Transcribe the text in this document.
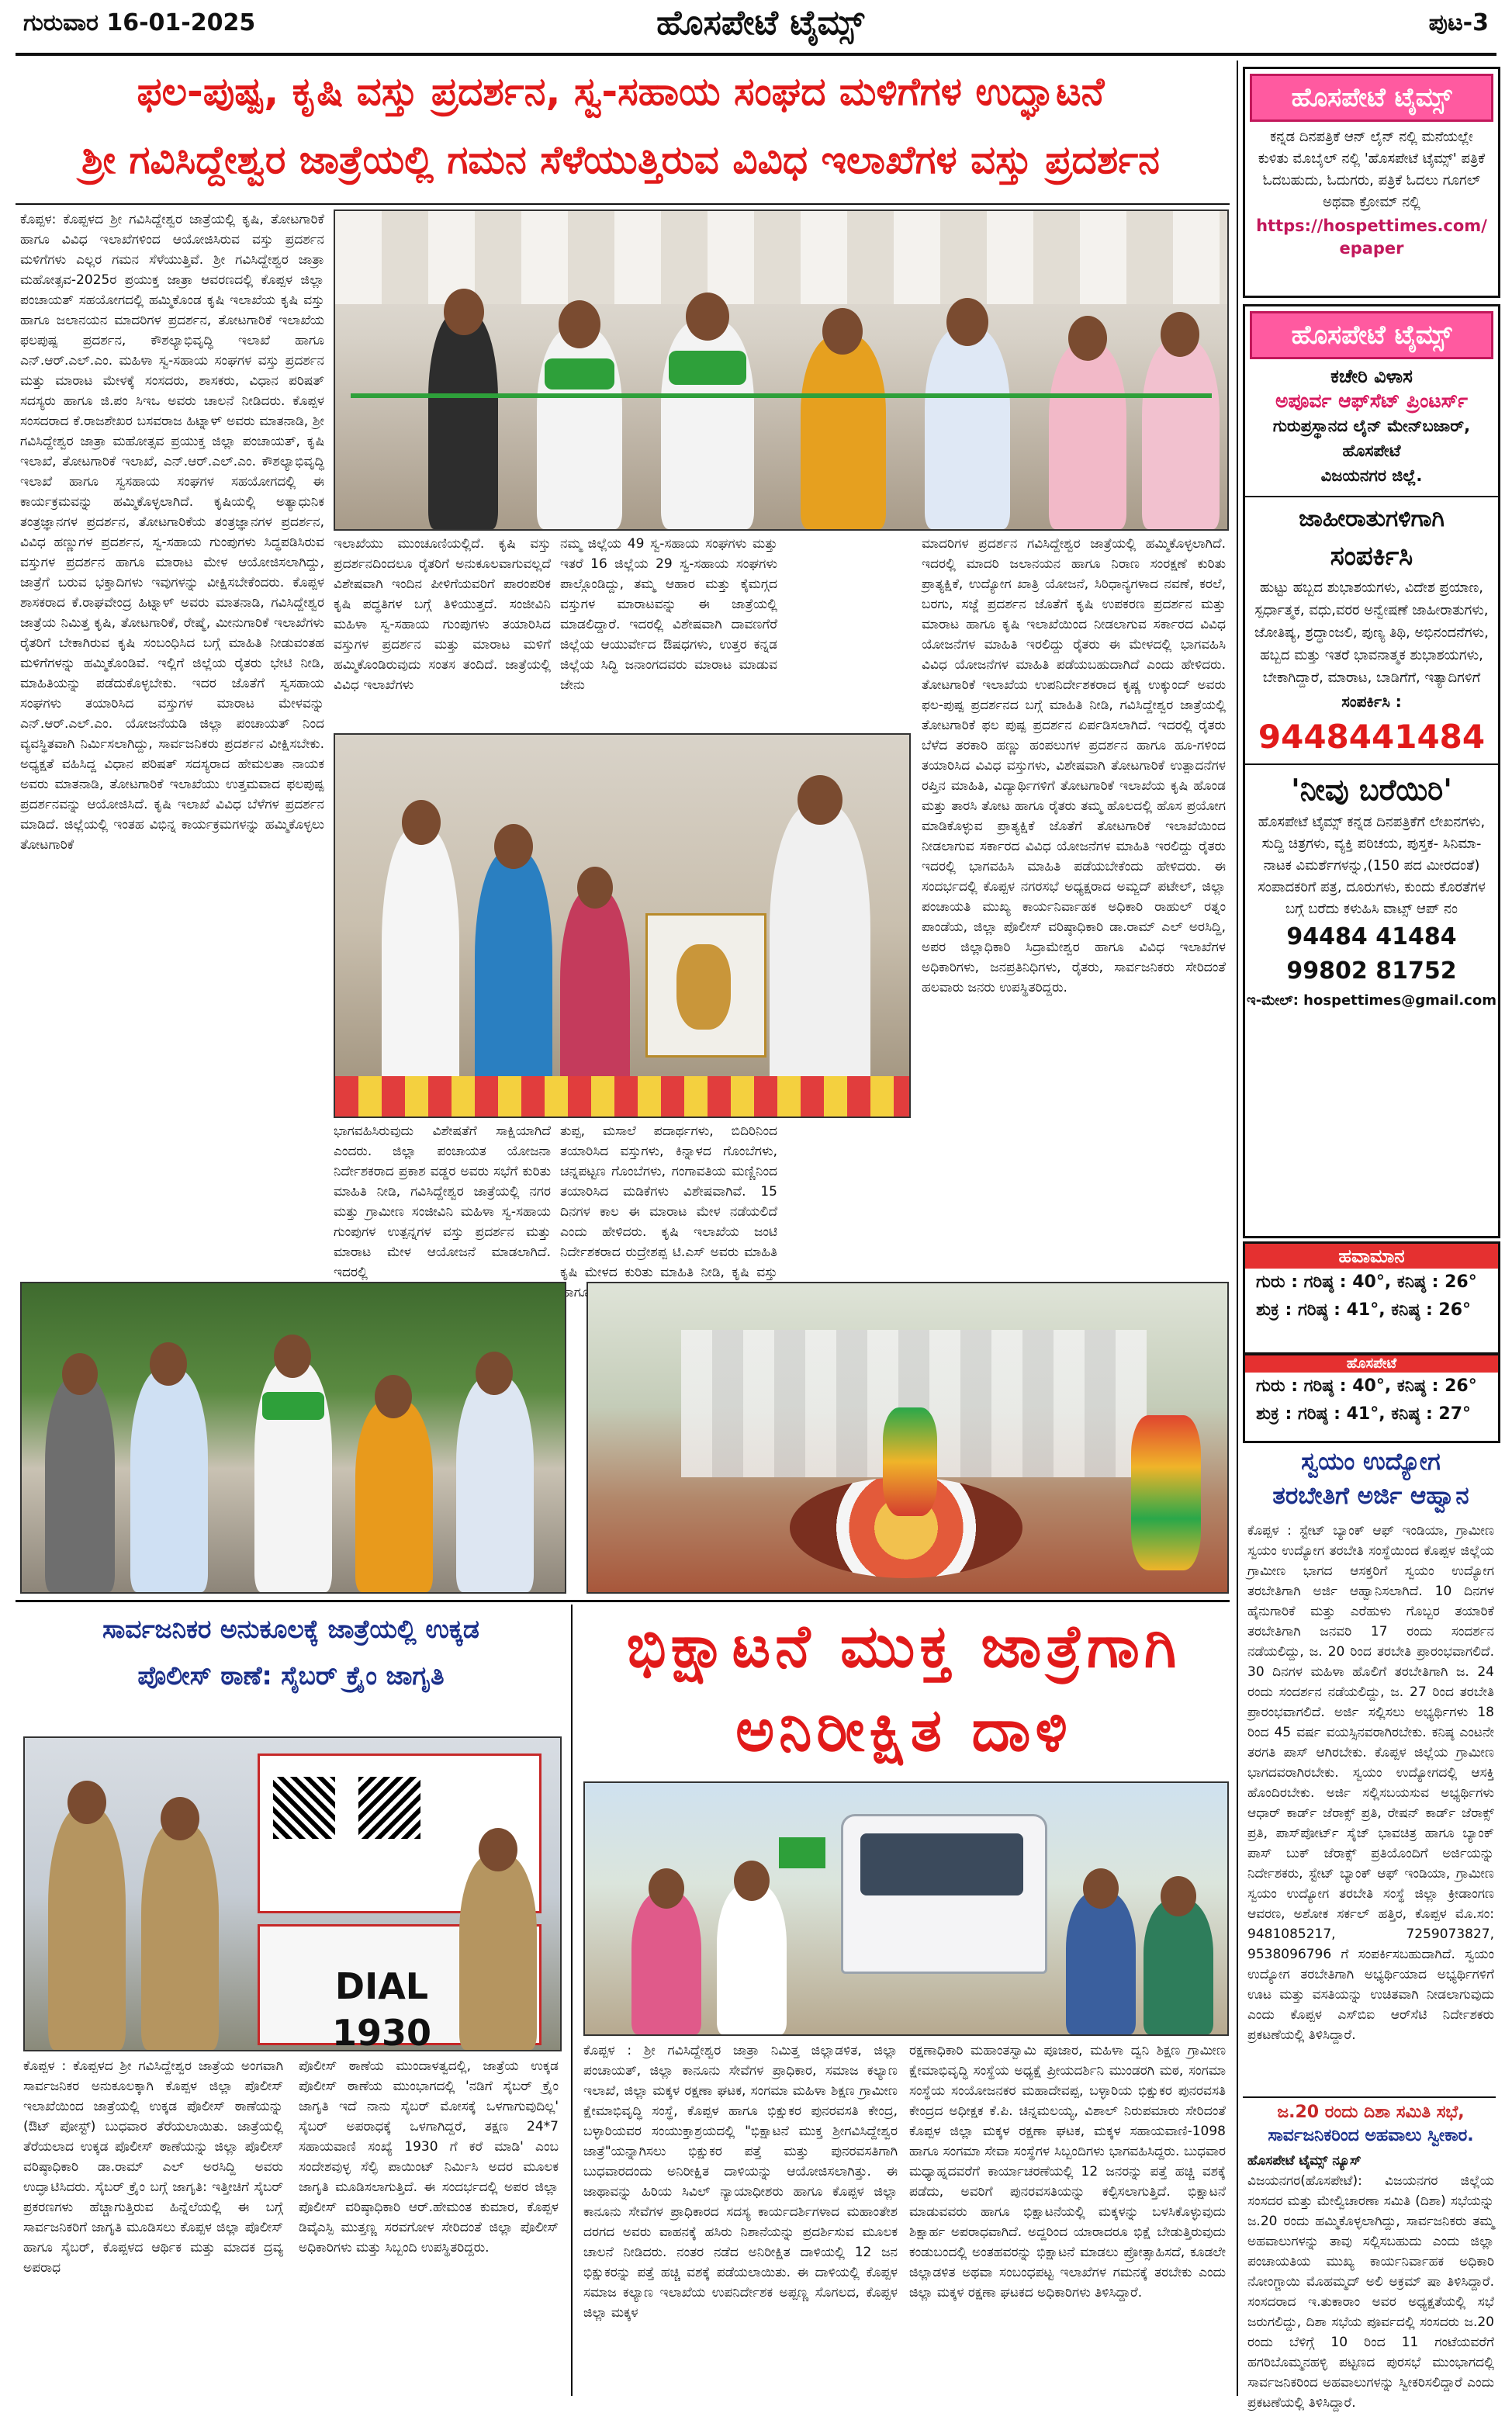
ಗುರುವಾರ 16-01-2025	ಹೊಸಪೇಟೆ ಟೈಮ್ಸ್	ಪುಟ-3
ಫಲ-ಪುಷ್ಪ, ಕೃಷಿ ವಸ್ತು ಪ್ರದರ್ಶನ, ಸ್ವ-ಸಹಾಯ ಸಂಘದ ಮಳಿಗೆಗಳ ಉದ್ಘಾಟನೆ
ಶ್ರೀ ಗವಿಸಿದ್ದೇಶ್ವರ ಜಾತ್ರೆಯಲ್ಲಿ ಗಮನ ಸೆಳೆಯುತ್ತಿರುವ ವಿವಿಧ ಇಲಾಖೆಗಳ ವಸ್ತು ಪ್ರದರ್ಶನ
ಕೊಪ್ಪಳ: ಕೊಪ್ಪಳದ ಶ್ರೀ ಗವಿಸಿದ್ದೇಶ್ವರ ಜಾತ್ರೆಯಲ್ಲಿ ಕೃಷಿ, ತೋಟಗಾರಿಕೆ ಹಾಗೂ ವಿವಿಧ ಇಲಾಖೆಗಳಿಂದ ಆಯೋಜಿಸಿರುವ ವಸ್ತು ಪ್ರದರ್ಶನ ಮಳಿಗೆಗಳು ಎಲ್ಲರ ಗಮನ ಸೆಳೆಯುತ್ತಿವೆ. ಶ್ರೀ ಗವಿಸಿದ್ದೇಶ್ವರ ಜಾತ್ರಾ ಮಹೋತ್ಸವ-2025ರ ಪ್ರಯುಕ್ತ ಜಾತ್ರಾ ಆವರಣದಲ್ಲಿ ಕೊಪ್ಪಳ ಜಿಲ್ಲಾ ಪಂಚಾಯತ್ ಸಹಯೋಗದಲ್ಲಿ ಹಮ್ಮಿಕೊಂಡ ಕೃಷಿ ಇಲಾಖೆಯ ಕೃಷಿ ವಸ್ತು ಹಾಗೂ ಜಲಾನಯನ ಮಾದರಿಗಳ ಪ್ರದರ್ಶನ, ತೋಟಗಾರಿಕೆ ಇಲಾಖೆಯ ಫಲಪುಷ್ಪ ಪ್ರದರ್ಶನ, ಕೌಶಲ್ಯಾಭಿವೃದ್ಧಿ ಇಲಾಖೆ ಹಾಗೂ ಎನ್.ಆರ್.ಎಲ್.ಎಂ. ಮಹಿಳಾ ಸ್ವ-ಸಹಾಯ ಸಂಘಗಳ ವಸ್ತು ಪ್ರದರ್ಶನ ಮತ್ತು ಮಾರಾಟ ಮೇಳಕ್ಕೆ ಸಂಸದರು, ಶಾಸಕರು, ವಿಧಾನ ಪರಿಷತ್ ಸದಸ್ಯರು ಹಾಗೂ ಜಿ.ಪಂ ಸಿಇಒ ಅವರು ಚಾಲನೆ ನೀಡಿದರು. ಕೊಪ್ಪಳ ಸಂಸದರಾದ ಕೆ.ರಾಜಶೇಖರ ಬಸವರಾಜ ಹಿಟ್ನಾಳ್ ಅವರು ಮಾತನಾಡಿ, ಶ್ರೀ ಗವಿಸಿದ್ದೇಶ್ವರ ಜಾತ್ರಾ ಮಹೋತ್ಸವ ಪ್ರಯುಕ್ತ ಜಿಲ್ಲಾ ಪಂಚಾಯತ್, ಕೃಷಿ ಇಲಾಖೆ, ತೋಟಗಾರಿಕೆ ಇಲಾಖೆ, ಎನ್.ಆರ್.ಎಲ್.ಎಂ. ಕೌಶಲ್ಯಾಭಿವೃದ್ಧಿ ಇಲಾಖೆ ಹಾಗೂ ಸ್ವಸಹಾಯ ಸಂಘಗಳ ಸಹಯೋಗದಲ್ಲಿ ಈ ಕಾರ್ಯಕ್ರಮವನ್ನು ಹಮ್ಮಿಕೊಳ್ಳಲಾಗಿದೆ. ಕೃಷಿಯಲ್ಲಿ ಅತ್ಯಾಧುನಿಕ ತಂತ್ರಜ್ಞಾನಗಳ ಪ್ರದರ್ಶನ, ತೋಟಗಾರಿಕೆಯ ತಂತ್ರಜ್ಞಾನಗಳ ಪ್ರದರ್ಶನ, ವಿವಿಧ ಹಣ್ಣುಗಳ ಪ್ರದರ್ಶನ, ಸ್ವ-ಸಹಾಯ ಗುಂಪುಗಳು ಸಿದ್ಧಪಡಿಸಿರುವ ವಸ್ತುಗಳ ಪ್ರದರ್ಶನ ಹಾಗೂ ಮಾರಾಟ ಮೇಳ ಆಯೋಜಿಸಲಾಗಿದ್ದು, ಜಾತ್ರೆಗೆ ಬರುವ ಭಕ್ತಾದಿಗಳು ಇವುಗಳನ್ನು ವೀಕ್ಷಿಸಬೇಕೆಂದರು. ಕೊಪ್ಪಳ ಶಾಸಕರಾದ ಕೆ.ರಾಘವೇಂದ್ರ ಹಿಟ್ನಾಳ್ ಅವರು ಮಾತನಾಡಿ, ಗವಿಸಿದ್ದೇಶ್ವರ ಜಾತ್ರೆಯ ನಿಮಿತ್ತ ಕೃಷಿ, ತೋಟಗಾರಿಕೆ, ರೇಷ್ಮೆ, ಮೀನುಗಾರಿಕೆ ಇಲಾಖೆಗಳು ರೈತರಿಗೆ ಬೇಕಾಗಿರುವ ಕೃಷಿ ಸಂಬಂಧಿಸಿದ ಬಗ್ಗೆ ಮಾಹಿತಿ ನೀಡುವಂತಹ ಮಳಿಗೆಗಳನ್ನು ಹಮ್ಮಿಕೊಂಡಿವೆ. ಇಲ್ಲಿಗೆ ಜಿಲ್ಲೆಯ ರೈತರು ಭೇಟಿ ನೀಡಿ, ಮಾಹಿತಿಯನ್ನು ಪಡೆದುಕೊಳ್ಳಬೇಕು. ಇದರ ಜೊತೆಗೆ ಸ್ವಸಹಾಯ ಸಂಘಗಳು ತಯಾರಿಸಿದ ವಸ್ತುಗಳ ಮಾರಾಟ ಮೇಳವನ್ನು ಎನ್.ಆರ್.ಎಲ್.ಎಂ. ಯೋಜನೆಯಡಿ ಜಿಲ್ಲಾ ಪಂಚಾಯತ್ ನಿಂದ ವ್ಯವಸ್ಥಿತವಾಗಿ ನಿರ್ಮಿಸಲಾಗಿದ್ದು, ಸಾರ್ವಜನಿಕರು ಪ್ರದರ್ಶನ ವೀಕ್ಷಿಸಬೇಕು. ಅಧ್ಯಕ್ಷತೆ ವಹಿಸಿದ್ದ ವಿಧಾನ ಪರಿಷತ್ ಸದಸ್ಯರಾದ ಹೇಮಲತಾ ನಾಯಕ ಅವರು ಮಾತನಾಡಿ, ತೋಟಗಾರಿಕೆ ಇಲಾಖೆಯು ಉತ್ತಮವಾದ ಫಲಪುಷ್ಪ ಪ್ರದರ್ಶನವನ್ನು ಆಯೋಜಿಸಿದೆ. ಕೃಷಿ ಇಲಾಖೆ ವಿವಿಧ ಬೆಳೆಗಳ ಪ್ರದರ್ಶನ ಮಾಡಿದೆ. ಜಿಲ್ಲೆಯಲ್ಲಿ ಇಂತಹ ವಿಭಿನ್ನ ಕಾರ್ಯಕ್ರಮಗಳನ್ನು ಹಮ್ಮಿಕೊಳ್ಳಲು ತೋಟಗಾರಿಕೆ
ಇಲಾಖೆಯು ಮುಂಚೂಣಿಯಲ್ಲಿದೆ. ಕೃಷಿ ವಸ್ತು ಪ್ರದರ್ಶನದಿಂದಲೂ ರೈತರಿಗೆ ಅನುಕೂಲವಾಗುವಲ್ಲದೆ ವಿಶೇಷವಾಗಿ ಇಂದಿನ ಪೀಳಿಗೆಯವರಿಗೆ ಪಾರಂಪರಿಕ ಕೃಷಿ ಪದ್ಧತಿಗಳ ಬಗ್ಗೆ ತಿಳಿಯುತ್ತದೆ. ಸಂಜೀವಿನಿ ಮಹಿಳಾ ಸ್ವ-ಸಹಾಯ ಗುಂಪುಗಳು ತಯಾರಿಸಿದ ವಸ್ತುಗಳ ಪ್ರದರ್ಶನ ಮತ್ತು ಮಾರಾಟ ಮಳಿಗೆ ಹಮ್ಮಿಕೊಂಡಿರುವುದು ಸಂತಸ ತಂದಿದೆ. ಜಾತ್ರೆಯಲ್ಲಿ ವಿವಿಧ ಇಲಾಖೆಗಳು
ನಮ್ಮ ಜಿಲ್ಲೆಯ 49 ಸ್ವ-ಸಹಾಯ ಸಂಘಗಳು ಮತ್ತು ಇತರೆ 16 ಜಿಲ್ಲೆಯ 29 ಸ್ವ-ಸಹಾಯ ಸಂಘಗಳು ಪಾಲ್ಗೊಂಡಿದ್ದು, ತಮ್ಮ ಆಹಾರ ಮತ್ತು ಕೈಮಗ್ಗದ ವಸ್ತುಗಳ ಮಾರಾಟವನ್ನು ಈ ಜಾತ್ರೆಯಲ್ಲಿ ಮಾಡಲಿದ್ದಾರೆ. ಇದರಲ್ಲಿ ವಿಶೇಷವಾಗಿ ದಾವಣಗೆರೆ ಜಿಲ್ಲೆಯ ಆಯುರ್ವೇದ ಔಷಧಗಳು, ಉತ್ತರ ಕನ್ನಡ ಜಿಲ್ಲೆಯ ಸಿದ್ಧಿ ಜನಾಂಗದವರು ಮಾರಾಟ ಮಾಡುವ ಜೇನು
ಭಾಗವಹಿಸಿರುವುದು ವಿಶೇಷತೆಗೆ ಸಾಕ್ಷಿಯಾಗಿದೆ ಎಂದರು. ಜಿಲ್ಲಾ ಪಂಚಾಯತ ಯೋಜನಾ ನಿರ್ದೇಶಕರಾದ ಪ್ರಕಾಶ ವಡ್ಡರ ಅವರು ಸಭೆಗೆ ಕುರಿತು ಮಾಹಿತಿ ನೀಡಿ, ಗವಿಸಿದ್ದೇಶ್ವರ ಜಾತ್ರೆಯಲ್ಲಿ ನಗರ ಮತ್ತು ಗ್ರಾಮೀಣ ಸಂಜೀವಿನಿ ಮಹಿಳಾ ಸ್ವ-ಸಹಾಯ ಗುಂಪುಗಳ ಉತ್ಪನ್ನಗಳ ವಸ್ತು ಪ್ರದರ್ಶನ ಮತ್ತು ಮಾರಾಟ ಮೇಳ ಆಯೋಜನೆ ಮಾಡಲಾಗಿದೆ. ಇದರಲ್ಲಿ
ತುಪ್ಪ, ಮಸಾಲೆ ಪದಾರ್ಥಗಳು, ಬಿದಿರಿನಿಂದ ತಯಾರಿಸಿದ ವಸ್ತುಗಳು, ಕಿನ್ನಾಳದ ಗೊಂಬೆಗಳು, ಚನ್ನಪಟ್ಟಣ ಗೊಂಬೆಗಳು, ಗಂಗಾವತಿಯ ಮಣ್ಣಿನಿಂದ ತಯಾರಿಸಿದ ಮಡಿಕೆಗಳು ವಿಶೇಷವಾಗಿವೆ. 15 ದಿನಗಳ ಕಾಲ ಈ ಮಾರಾಟ ಮೇಳ ನಡೆಯಲಿದೆ ಎಂದು ಹೇಳಿದರು. ಕೃಷಿ ಇಲಾಖೆಯ ಜಂಟಿ ನಿರ್ದೇಶಕರಾದ ರುದ್ರೇಶಪ್ಪ ಟಿ.ಎಸ್ ಅವರು ಮಾಹಿತಿ ಕೃಷಿ ಮೇಳದ ಕುರಿತು ಮಾಹಿತಿ ನೀಡಿ, ಕೃಷಿ ವಸ್ತು ಹಾಗೂ
ಮಾದರಿಗಳ ಪ್ರದರ್ಶನ ಗವಿಸಿದ್ದೇಶ್ವರ ಜಾತ್ರೆಯಲ್ಲಿ ಹಮ್ಮಿಕೊಳ್ಳಲಾಗಿದೆ. ಇದರಲ್ಲಿ ಮಾದರಿ ಜಲಾನಯನ ಹಾಗೂ ನಿರಾಣ ಸಂರಕ್ಷಣೆ ಕುರಿತು ಪ್ರಾತ್ಯಕ್ಷಿಕೆ, ಉದ್ಯೋಗ ಖಾತ್ರಿ ಯೋಜನೆ, ಸಿರಿಧಾನ್ಯಗಳಾದ ನವಣೆ, ಕರಲೆ, ಬರಗು, ಸಜ್ಜೆ ಪ್ರದರ್ಶನ ಜೊತೆಗೆ ಕೃಷಿ ಉಪಕರಣ ಪ್ರದರ್ಶನ ಮತ್ತು ಮಾರಾಟ ಹಾಗೂ ಕೃಷಿ ಇಲಾಖೆಯಿಂದ ನೀಡಲಾಗುವ ಸರ್ಕಾರದ ವಿವಿಧ ಯೋಜನೆಗಳ ಮಾಹಿತಿ ಇರಲಿದ್ದು ರೈತರು ಈ ಮೇಳದಲ್ಲಿ ಭಾಗವಹಿಸಿ ವಿವಿಧ ಯೋಜನೆಗಳ ಮಾಹಿತಿ ಪಡೆಯಬಹುದಾಗಿದೆ ಎಂದು ಹೇಳಿದರು. ತೋಟಗಾರಿಕೆ ಇಲಾಖೆಯ ಉಪನಿರ್ದೇಶಕರಾದ ಕೃಷ್ಣ ಉಕ್ಕುಂದ್ ಅವರು ಫಲ-ಪುಷ್ಪ ಪ್ರದರ್ಶನದ ಬಗ್ಗೆ ಮಾಹಿತಿ ನೀಡಿ, ಗವಿಸಿದ್ದೇಶ್ವರ ಜಾತ್ರೆಯಲ್ಲಿ ತೋಟಗಾರಿಕೆ ಫಲ ಪುಷ್ಪ ಪ್ರದರ್ಶನ ಏರ್ಪಡಿಸಲಾಗಿದೆ. ಇದರಲ್ಲಿ ರೈತರು ಬೆಳೆದ ತರಕಾರಿ ಹಣ್ಣು ಹಂಪಲುಗಳ ಪ್ರದರ್ಶನ ಹಾಗೂ ಹೂ-ಗಳಿಂದ ತಯಾರಿಸಿದ ವಿವಿಧ ವಸ್ತುಗಳು, ವಿಶೇಷವಾಗಿ ತೋಟಗಾರಿಕೆ ಉತ್ಪಾದನೆಗಳ ರಪ್ತಿನ ಮಾಹಿತಿ, ವಿದ್ಯಾರ್ಥಿಗಳಿಗೆ ತೋಟಗಾರಿಕೆ ಇಲಾಖೆಯ ಕೃಷಿ ಹೊಂಡ ಮತ್ತು ತಾರಸಿ ತೋಟ ಹಾಗೂ ರೈತರು ತಮ್ಮ ಹೊಲದಲ್ಲಿ ಹೊಸ ಪ್ರಯೋಗ ಮಾಡಿಕೊಳ್ಳುವ ಪ್ರಾತ್ಯಕ್ಷಿಕೆ ಜೊತೆಗೆ ತೋಟಗಾರಿಕೆ ಇಲಾಖೆಯಿಂದ ನೀಡಲಾಗುವ ಸರ್ಕಾರದ ವಿವಿಧ ಯೋಜನೆಗಳ ಮಾಹಿತಿ ಇರಲಿದ್ದು ರೈತರು ಇದರಲ್ಲಿ ಭಾಗವಹಿಸಿ ಮಾಹಿತಿ ಪಡೆಯಬೇಕೆಂದು ಹೇಳಿದರು. ಈ ಸಂದರ್ಭದಲ್ಲಿ ಕೊಪ್ಪಳ ನಗರಸಭೆ ಅಧ್ಯಕ್ಷರಾದ ಅಮ್ಜದ್ ಪಟೇಲ್, ಜಿಲ್ಲಾ ಪಂಚಾಯತಿ ಮುಖ್ಯ ಕಾರ್ಯನಿರ್ವಾಹಕ ಅಧಿಕಾರಿ ರಾಹುಲ್ ರತ್ನಂ ಪಾಂಡೆಯ, ಜಿಲ್ಲಾ ಪೊಲೀಸ್ ವರಿಷ್ಠಾಧಿಕಾರಿ ಡಾ.ರಾಮ್ ಎಲ್ ಅರಸಿದ್ದಿ, ಅಪರ ಜಿಲ್ಲಾಧಿಕಾರಿ ಸಿದ್ರಾಮೇಶ್ವರ ಹಾಗೂ ವಿವಿಧ ಇಲಾಖೆಗಳ ಅಧಿಕಾರಿಗಳು, ಜನಪ್ರತಿನಿಧಿಗಳು, ರೈತರು, ಸಾರ್ವಜನಿಕರು ಸೇರಿದಂತೆ ಹಲವಾರು ಜನರು ಉಪಸ್ಥಿತರಿದ್ದರು.
ಸಾರ್ವಜನಿಕರ ಅನುಕೂಲಕ್ಕೆ ಜಾತ್ರೆಯಲ್ಲಿ ಉಕ್ಕಡ
ಪೊಲೀಸ್ ಠಾಣೆ: ಸೈಬರ್ ಕ್ರೈಂ ಜಾಗೃತಿ
DIAL 1930
ಕೊಪ್ಪಳ : ಕೊಪ್ಪಳದ ಶ್ರೀ ಗವಿಸಿದ್ದೇಶ್ವರ ಜಾತ್ರೆಯ ಅಂಗವಾಗಿ ಸಾರ್ವಜನಿಕರ ಅನುಕೂಲಕ್ಕಾಗಿ ಕೊಪ್ಪಳ ಜಿಲ್ಲಾ ಪೊಲೀಸ್ ಇಲಾಖೆಯಿಂದ ಜಾತ್ರೆಯಲ್ಲಿ ಉಕ್ಕಡ ಪೊಲೀಸ್ ಠಾಣೆಯನ್ನು (ಔಟ್ ಪೋಸ್ಟ್) ಬುಧವಾರ ತೆರೆಯಲಾಯಿತು. ಜಾತ್ರೆಯಲ್ಲಿ ತೆರೆಯಲಾದ ಉಕ್ಕಡ ಪೊಲೀಸ್ ಠಾಣೆಯನ್ನು ಜಿಲ್ಲಾ ಪೊಲೀಸ್ ವರಿಷ್ಠಾಧಿಕಾರಿ ಡಾ.ರಾಮ್ ಎಲ್ ಅರಸಿದ್ದಿ ಅವರು ಉದ್ಘಾಟಿಸಿದರು. ಸೈಬರ್ ಕ್ರೈಂ ಬಗ್ಗೆ ಜಾಗೃತಿ: ಇತ್ತೀಚಿಗೆ ಸೈಬರ್ ಪ್ರಕರಣಗಳು ಹೆಚ್ಚಾಗುತ್ತಿರುವ ಹಿನ್ನೆಲೆಯಲ್ಲಿ ಈ ಬಗ್ಗೆ ಸಾರ್ವಜನಿಕರಿಗೆ ಜಾಗೃತಿ ಮೂಡಿಸಲು ಕೊಪ್ಪಳ ಜಿಲ್ಲಾ ಪೊಲೀಸ್ ಹಾಗೂ ಸೈಬರ್, ಕೊಪ್ಪಳದ ಆರ್ಥಿಕ ಮತ್ತು ಮಾದಕ ದ್ರವ್ಯ ಅಪರಾಧ
ಪೊಲೀಸ್ ಠಾಣೆಯ ಮುಂದಾಳತ್ವದಲ್ಲಿ, ಜಾತ್ರೆಯ ಉಕ್ಕಡ ಪೊಲೀಸ್ ಠಾಣೆಯ ಮುಂಭಾಗದಲ್ಲಿ 'ನಡಿಗೆ ಸೈಬರ್ ಕ್ರೈಂ ಜಾಗೃತಿ ಇದೆ ನಾನು ಸೈಬರ್ ಮೋಸಕ್ಕೆ ಒಳಗಾಗುವುದಿಲ್ಲ' ಸೈಬರ್ ಅಪರಾಧಕ್ಕೆ ಒಳಗಾಗಿದ್ದರೆ, ತಕ್ಷಣ 24*7 ಸಹಾಯವಾಣಿ ಸಂಖ್ಯೆ 1930 ಗೆ ಕರೆ ಮಾಡಿ' ಎಂಬ ಸಂದೇಶವುಳ್ಳ ಸೆಲ್ಫಿ ಪಾಯಿಂಟ್ ನಿರ್ಮಿಸಿ ಅದರ ಮೂಲಕ ಜಾಗೃತಿ ಮೂಡಿಸಲಾಗುತ್ತಿದೆ. ಈ ಸಂದರ್ಭದಲ್ಲಿ ಅಪರ ಜಿಲ್ಲಾ ಪೊಲೀಸ್ ವರಿಷ್ಠಾಧಿಕಾರಿ ಆರ್.ಹೇಮಂತ ಕುಮಾರ, ಕೊಪ್ಪಳ ಡಿವೈಎಸ್ಪಿ ಮುತ್ತಣ್ಣ ಸರವಗೋಳ ಸೇರಿದಂತೆ ಜಿಲ್ಲಾ ಪೊಲೀಸ್ ಅಧಿಕಾರಿಗಳು ಮತ್ತು ಸಿಬ್ಬಂದಿ ಉಪಸ್ಥಿತರಿದ್ದರು.
ಭಿಕ್ಷಾಟನೆ ಮುಕ್ತ ಜಾತ್ರೆಗಾಗಿ
ಅನಿರೀಕ್ಷಿತ ದಾಳಿ
ಕೊಪ್ಪಳ : ಶ್ರೀ ಗವಿಸಿದ್ದೇಶ್ವರ ಜಾತ್ರಾ ನಿಮಿತ್ತ ಜಿಲ್ಲಾಡಳಿತ, ಜಿಲ್ಲಾ ಪಂಚಾಯತ್, ಜಿಲ್ಲಾ ಕಾನೂನು ಸೇವೆಗಳ ಪ್ರಾಧಿಕಾರ, ಸಮಾಜ ಕಲ್ಯಾಣ ಇಲಾಖೆ, ಜಿಲ್ಲಾ ಮಕ್ಕಳ ರಕ್ಷಣಾ ಘಟಕ, ಸಂಗಮಾ ಮಹಿಳಾ ಶಿಕ್ಷಣ ಗ್ರಾಮೀಣ ಕ್ಷೇಮಾಭಿವೃದ್ಧಿ ಸಂಸ್ಥೆ, ಕೊಪ್ಪಳ ಹಾಗೂ ಭಿಕ್ಷುಕರ ಪುನರವಸತಿ ಕೇಂದ್ರ, ಬಳ್ಳಾರಿಯವರ ಸಂಯುಕ್ತಾಶ್ರಯದಲ್ಲಿ "ಭಿಕ್ಷಾಟನೆ ಮುಕ್ತ ಶ್ರೀಗವಿಸಿದ್ದೇಶ್ವರ ಜಾತ್ರೆ"ಯನ್ನಾಗಿಸಲು ಭಿಕ್ಷುಕರ ಪತ್ತೆ ಮತ್ತು ಪುನರವಸತಿಗಾಗಿ ಬುಧವಾರದಂದು ಅನಿರೀಕ್ಷಿತ ದಾಳಿಯನ್ನು ಆಯೋಜಿಸಲಾಗಿತ್ತು. ಈ ಜಾಥಾವನ್ನು ಹಿರಿಯ ಸಿವಿಲ್ ನ್ಯಾಯಾಧೀಶರು ಹಾಗೂ ಕೊಪ್ಪಳ ಜಿಲ್ಲಾ ಕಾನೂನು ಸೇವೆಗಳ ಪ್ರಾಧಿಕಾರದ ಸದಸ್ಯ ಕಾರ್ಯದರ್ಶಿಗಳಾದ ಮಹಾಂತೇಶ ದರಗದ ಅವರು ವಾಹನಕ್ಕೆ ಹಸಿರು ನಿಶಾನೆಯನ್ನು ಪ್ರದರ್ಶಿಸುವ ಮೂಲಕ ಚಾಲನೆ ನೀಡಿದರು. ನಂತರ ನಡೆದ ಅನಿರೀಕ್ಷಿತ ದಾಳಿಯಲ್ಲಿ 12 ಜನ ಭಿಕ್ಷುಕರನ್ನು ಪತ್ತೆ ಹಚ್ಚಿ ವಶಕ್ಕೆ ಪಡೆಯಲಾಯಿತು. ಈ ದಾಳಿಯಲ್ಲಿ ಕೊಪ್ಪಳ ಸಮಾಜ ಕಲ್ಯಾಣ ಇಲಾಖೆಯ ಉಪನಿರ್ದೇಶಕ ಅಪ್ಪಣ್ಣ ಸೊಗಲದ, ಕೊಪ್ಪಳ ಜಿಲ್ಲಾ ಮಕ್ಕಳ
ರಕ್ಷಣಾಧಿಕಾರಿ ಮಹಾಂತಸ್ವಾಮಿ ಪೂಜಾರ, ಮಹಿಳಾ ದ್ವನಿ ಶಿಕ್ಷಣ ಗ್ರಾಮೀಣ ಕ್ಷೇಮಾಭಿವೃದ್ಧಿ ಸಂಸ್ಥೆಯ ಅಧ್ಯಕ್ಷೆ ಪ್ರೀಯದರ್ಶಿನಿ ಮುಂಡರಗಿ ಮಠ, ಸಂಗಮಾ ಸಂಸ್ಥೆಯ ಸಂಯೋಜನಕರ ಮಹಾದೇವಪ್ಪ, ಬಳ್ಳಾರಿಯ ಭಿಕ್ಷುಕರ ಪುನರವಸತಿ ಕೇಂದ್ರದ ಅಧೀಕ್ಷಕ ಕೆ.ಪಿ. ಚಿನ್ನಮಲಯ್ಯ, ವಿಶಾಲ್ ನಿರುಪಮಾರು ಸೇರಿದಂತೆ ಕೊಪ್ಪಳ ಜಿಲ್ಲಾ ಮಕ್ಕಳ ರಕ್ಷಣಾ ಘಟಕ, ಮಕ್ಕಳ ಸಹಾಯವಾಣಿ-1098 ಹಾಗೂ ಸಂಗಮಾ ಸೇವಾ ಸಂಸ್ಥೆಗಳ ಸಿಬ್ಬಂದಿಗಳು ಭಾಗವಹಿಸಿದ್ದರು. ಬುಧವಾರ ಮಧ್ಯಾಹ್ನದವರೆಗೆ ಕಾರ್ಯಾಚರಣೆಯಲ್ಲಿ 12 ಜನರನ್ನು ಪತ್ತೆ ಹಚ್ಚಿ ವಶಕ್ಕೆ ಪಡೆದು, ಅವರಿಗೆ ಪುನರವಸತಿಯನ್ನು ಕಲ್ಪಿಸಲಾಗುತ್ತಿದೆ. ಭಿಕ್ಷಾಟನೆ ಮಾಡುವವರು ಹಾಗೂ ಭಿಕ್ಷಾಟನೆಯಲ್ಲಿ ಮಕ್ಕಳನ್ನು ಬಳಸಿಕೊಳ್ಳುವುದು ಶಿಕ್ಷಾರ್ಹ ಅಪರಾಧವಾಗಿದೆ. ಅದ್ದರಿಂದ ಯಾರಾದರೂ ಭಿಕ್ಷೆ ಬೇಡುತ್ತಿರುವುದು ಕಂಡುಬಂದಲ್ಲಿ ಅಂತಹವರನ್ನು ಭಿಕ್ಷಾಟನೆ ಮಾಡಲು ಪ್ರೋತ್ಸಾಹಿಸದೆ, ಕೂಡಲೇ ಜಿಲ್ಲಾಡಳಿತ ಅಥವಾ ಸಂಬಂಧಪಟ್ಟ ಇಲಾಖೆಗಳ ಗಮನಕ್ಕೆ ತರಬೇಕು ಎಂದು ಜಿಲ್ಲಾ ಮಕ್ಕಳ ರಕ್ಷಣಾ ಘಟಕದ ಅಧಿಕಾರಿಗಳು ತಿಳಿಸಿದ್ದಾರೆ.
ಹೊಸಪೇಟೆ ಟೈಮ್ಸ್
ಕನ್ನಡ ದಿನಪತ್ರಿಕೆ ಆನ್ ಲೈನ್ ನಲ್ಲಿ ಮನೆಯಲ್ಲೇ ಕುಳಿತು ಮೊಬೈಲ್ ನಲ್ಲಿ 'ಹೊಸಪೇಟೆ ಟೈಮ್ಸ್' ಪತ್ರಿಕೆ ಓದಬಹುದು, ಓದುಗರು, ಪತ್ರಿಕೆ ಓದಲು ಗೂಗಲ್ ಅಥವಾ ಕ್ರೋಮ್ ನಲ್ಲಿ
https://hospettimes.com/
epaper
ಹೊಸಪೇಟೆ ಟೈಮ್ಸ್
ಕಚೇರಿ ವಿಳಾಸ
ಅಪೂರ್ವ ಆಫ್‌ಸೆಟ್ ಪ್ರಿಂಟರ್ಸ್
ಗುರುಪ್ರಸ್ಥಾನದ ಲೈನ್ ಮೇನ್‌ಬಜಾರ್, ಹೊಸಪೇಟೆ
ವಿಜಯನಗರ ಜಿಲ್ಲೆ.
ಜಾಹೀರಾತುಗಳಿಗಾಗಿ
ಸಂಪರ್ಕಿಸಿ
ಹುಟ್ಟು ಹಬ್ಬದ ಶುಭಾಶಯಗಳು, ವಿದೇಶ ಪ್ರಯಾಣ, ಸ್ಪರ್ಧಾತ್ಮಕ, ವಧು,ವರರ ಅನ್ವೇಷಣೆ ಜಾಹೀರಾತುಗಳು, ಜೋತಿಷ್ಯ, ಶ್ರದ್ಧಾಂಜಲಿ, ಪುಣ್ಯ ತಿಥಿ, ಅಭಿನಂದನೆಗಳು, ಹಬ್ಬದ ಮತ್ತು ಇತರೆ ಭಾವನಾತ್ಮಕ ಶುಭಾಶಯಗಳು, ಬೇಕಾಗಿದ್ದಾರೆ, ಮಾರಾಟ, ಬಾಡಿಗೆಗೆ, ಇತ್ಯಾದಿಗಳಿಗೆ
ಸಂಪರ್ಕಿಸಿ :
9448441484
'ನೀವು ಬರೆಯಿರಿ'
ಹೊಸಪೇಟೆ ಟೈಮ್ಸ್ ಕನ್ನಡ ದಿನಪತ್ರಿಕೆಗೆ ಲೇಖನಗಳು, ಸುದ್ದಿ ಚಿತ್ರಗಳು, ವ್ಯಕ್ತಿ ಪರಿಚಯ, ಪುಸ್ತಕ- ಸಿನಿಮಾ-ನಾಟಕ ವಿಮರ್ಶೆಗಳನ್ನು,(150 ಪದ ಮೀರದಂತೆ) ಸಂಪಾದಕರಿಗೆ ಪತ್ರ, ದೂರುಗಳು, ಕುಂದು ಕೊರತೆಗಳ ಬಗ್ಗೆ ಬರೆದು ಕಳುಹಿಸಿ ವಾಟ್ಸ್ ಆಪ್ ನಂ
94484 41484
99802 81752
ಇ-ಮೇಲ್: hospettimes@gmail.com
ಹವಾಮಾನ
ಗುರು : ಗರಿಷ್ಠ : 40°, ಕನಿಷ್ಠ : 26°
ಶುಕ್ರ : ಗರಿಷ್ಠ : 41°, ಕನಿಷ್ಠ : 26°
ಹೊಸಪೇಟೆ
ಗುರು : ಗರಿಷ್ಠ : 40°, ಕನಿಷ್ಠ : 26°
ಶುಕ್ರ : ಗರಿಷ್ಠ : 41°, ಕನಿಷ್ಠ : 27°
ಸ್ವಯಂ ಉದ್ಯೋಗ
ತರಬೇತಿಗೆ ಅರ್ಜಿ ಆಹ್ವಾನ
ಕೊಪ್ಪಳ : ಸ್ಟೇಟ್ ಬ್ಯಾಂಕ್ ಆಫ್ ಇಂಡಿಯಾ, ಗ್ರಾಮೀಣ ಸ್ವಯಂ ಉದ್ಯೋಗ ತರಬೇತಿ ಸಂಸ್ಥೆಯಿಂದ ಕೊಪ್ಪಳ ಜಿಲ್ಲೆಯ ಗ್ರಾಮೀಣ ಭಾಗದ ಆಸಕ್ತರಿಗೆ ಸ್ವಯಂ ಉದ್ಯೋಗ ತರಬೇತಿಗಾಗಿ ಅರ್ಜಿ ಆಹ್ವಾನಿಸಲಾಗಿದೆ. 10 ದಿನಗಳ ಹೈನುಗಾರಿಕೆ ಮತ್ತು ಎರೆಹುಳು ಗೊಬ್ಬರ ತಯಾರಿಕೆ ತರಬೇತಿಗಾಗಿ ಜನವರಿ 17 ರಂದು ಸಂದರ್ಶನ ನಡೆಯಲಿದ್ದು, ಜ. 20 ರಿಂದ ತರಬೇತಿ ಪ್ರಾರಂಭವಾಗಲಿದೆ. 30 ದಿನಗಳ ಮಹಿಳಾ ಹೊಲಿಗೆ ತರಬೇತಿಗಾಗಿ ಜ. 24 ರಂದು ಸಂದರ್ಶನ ನಡೆಯಲಿದ್ದು, ಜ. 27 ರಿಂದ ತರಬೇತಿ ಪ್ರಾರಂಭವಾಗಲಿದೆ. ಅರ್ಜಿ ಸಲ್ಲಿಸಲು ಅಭ್ಯರ್ಥಿಗಳು 18 ರಿಂದ 45 ವರ್ಷ ವಯಸ್ಸಿನವರಾಗಿರಬೇಕು. ಕನಿಷ್ಠ ಎಂಟನೇ ತರಗತಿ ಪಾಸ್ ಆಗಿರಬೇಕು. ಕೊಪ್ಪಳ ಜಿಲ್ಲೆಯ ಗ್ರಾಮೀಣ ಭಾಗದವರಾಗಿರಬೇಕು. ಸ್ವಯಂ ಉದ್ಯೋಗದಲ್ಲಿ ಆಸಕ್ತಿ ಹೊಂದಿರಬೇಕು. ಅರ್ಜಿ ಸಲ್ಲಿಸಬಯಸುವ ಅಭ್ಯರ್ಥಿಗಳು ಆಧಾರ್ ಕಾರ್ಡ್ ಜೆರಾಕ್ಸ್ ಪ್ರತಿ, ರೇಷನ್ ಕಾರ್ಡ್ ಜೆರಾಕ್ಸ್ ಪ್ರತಿ, ಪಾಸ್‌ಪೋರ್ಟ್ ಸೈಜ್ ಭಾವಚಿತ್ರ ಹಾಗೂ ಬ್ಯಾಂಕ್ ಪಾಸ್ ಬುಕ್ ಜೆರಾಕ್ಸ್ ಪ್ರತಿಯೊಂದಿಗೆ ಅರ್ಜಿಯನ್ನು ನಿರ್ದೇಶಕರು, ಸ್ಟೇಟ್ ಬ್ಯಾಂಕ್ ಆಫ್ ಇಂಡಿಯಾ, ಗ್ರಾಮೀಣ ಸ್ವಯಂ ಉದ್ಯೋಗ ತರಬೇತಿ ಸಂಸ್ಥೆ ಜಿಲ್ಲಾ ಕ್ರೀಡಾಂಗಣ ಆವರಣ, ಅಶೋಕ ಸರ್ಕಲ್ ಹತ್ತಿರ, ಕೊಪ್ಪಳ ಮೊ.ಸಂ: 9481085217, 7259073827, 9538096796 ಗೆ ಸಂಪರ್ಕಿಸಬಹುದಾಗಿದೆ. ಸ್ವಯಂ ಉದ್ಯೋಗ ತರಬೇತಿಗಾಗಿ ಅಭ್ಯರ್ಥಿಯಾದ ಅಭ್ಯರ್ಥಿಗಳಿಗೆ ಊಟ ಮತ್ತು ವಸತಿಯನ್ನು ಉಚಿತವಾಗಿ ನೀಡಲಾಗುವುದು ಎಂದು ಕೊಪ್ಪಳ ಎಸ್‌ಬಿಐ ಆರ್‌ಸೆಟಿ ನಿರ್ದೇಶಕರು ಪ್ರಕಟಣೆಯಲ್ಲಿ ತಿಳಿಸಿದ್ದಾರೆ.
ಜ.20 ರಂದು ದಿಶಾ ಸಮಿತಿ ಸಭೆ,
ಸಾರ್ವಜನಿಕರಿಂದ ಅಹವಾಲು ಸ್ವೀಕಾರ.
ಹೊಸಪೇಟೆ ಟೈಮ್ಸ್ ನ್ಯೂಸ್
ವಿಜಯನಗರ(ಹೊಸಪೇಟೆ): ವಿಜಯನಗರ ಜಿಲ್ಲೆಯ ಸಂಸದರ ಮತ್ತು ಮೇಲ್ವಿಚಾರಣಾ ಸಮಿತಿ (ದಿಶಾ) ಸಭೆಯನ್ನು ಜ.20 ರಂದು ಹಮ್ಮಿಕೊಳ್ಳಲಾಗಿದ್ದು, ಸಾರ್ವಜನಿಕರು ತಮ್ಮ ಅಹವಾಲುಗಳನ್ನು ತಾವು ಸಲ್ಲಿಸಬಹುದು ಎಂದು ಜಿಲ್ಲಾ ಪಂಚಾಯತಿಯ ಮುಖ್ಯ ಕಾರ್ಯನಿರ್ವಾಹಕ ಅಧಿಕಾರಿ ನೋಂಗ್ಜಾಯಿ ಮೊಹಮ್ಮದ್ ಅಲಿ ಅಕ್ರಮ್ ಷಾ ತಿಳಿಸಿದ್ದಾರೆ. ಸಂಸದರಾದ ಇ.ತುಕಾರಾಂ ಅವರ ಅಧ್ಯಕ್ಷತೆಯಲ್ಲಿ ಸಭೆ ಜರುಗಲಿದ್ದು, ದಿಶಾ ಸಭೆಯ ಪೂರ್ವದಲ್ಲಿ ಸಂಸದರು ಜ.20 ರಂದು ಬೆಳಿಗ್ಗೆ 10 ರಿಂದ 11 ಗಂಟೆಯವರೆಗೆ ಹಗರಿಬೊಮ್ಮನಹಳ್ಳಿ ಪಟ್ಟಣದ ಪುರಸಭೆ ಮುಂಭಾಗದಲ್ಲಿ ಸಾರ್ವಜನಿಕರಿಂದ ಅಹವಾಲುಗಳನ್ನು ಸ್ವೀಕರಿಸಲಿದ್ದಾರೆ ಎಂದು ಪ್ರಕಟಣೆಯಲ್ಲಿ ತಿಳಿಸಿದ್ದಾರೆ.
